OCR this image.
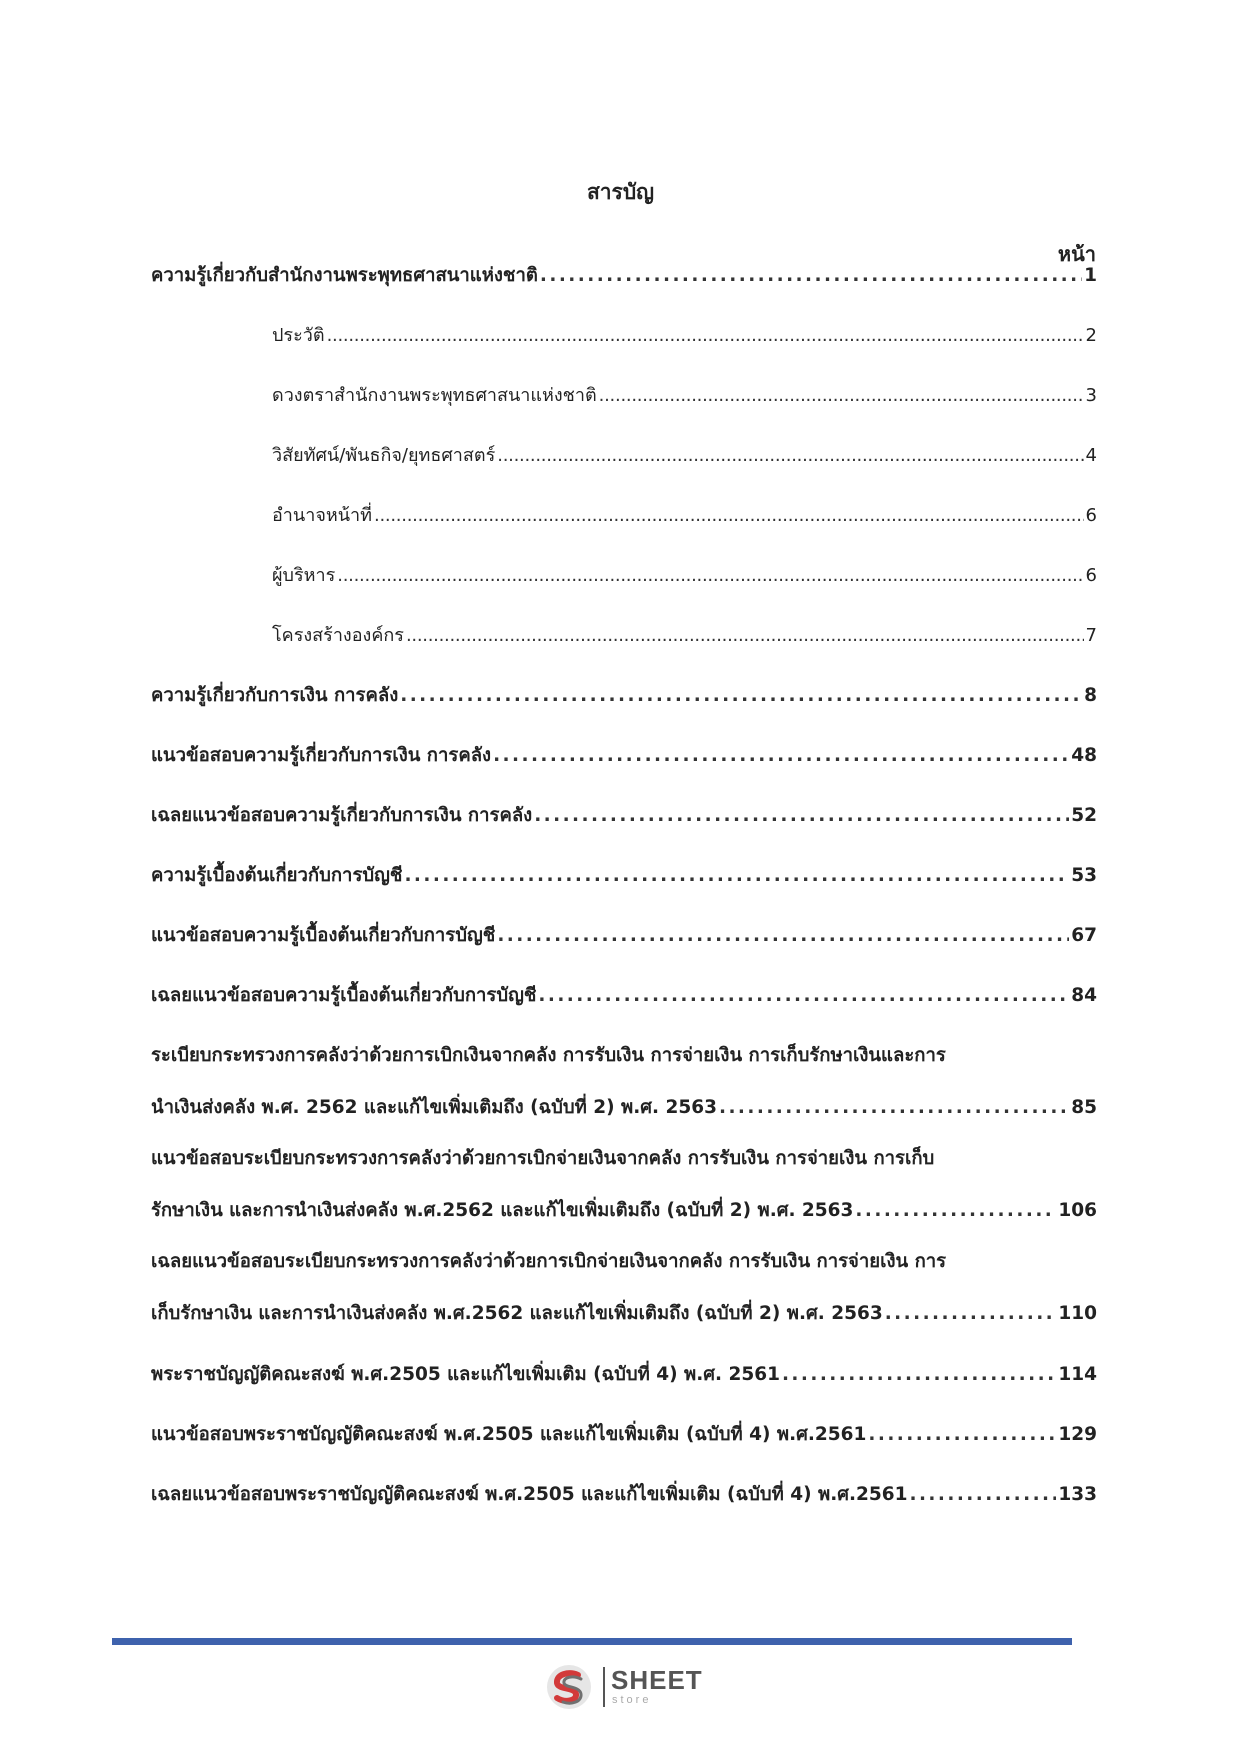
สารบัญ
หน้า
ความรู้เกี่ยวกับสำนักงานพระพุทธศาสนาแห่งชาติ . . .	1
ประวัติ . . .	2
ดวงตราสำนักงานพระพุทธศาสนาแห่งชาติ . . .	3
วิสัยทัศน์/พันธกิจ/ยุทธศาสตร์ . . .	4
อำนาจหน้าที่ . . .	6
ผู้บริหาร . . .	6
โครงสร้างองค์กร . . .	7
ความรู้เกี่ยวกับการเงิน การคลัง . . .	8
แนวข้อสอบความรู้เกี่ยวกับการเงิน การคลัง . . .	48
เฉลยแนวข้อสอบความรู้เกี่ยวกับการเงิน การคลัง . . .	52
ความรู้เบื้องต้นเกี่ยวกับการบัญชี . . .	53
แนวข้อสอบความรู้เบื้องต้นเกี่ยวกับการบัญชี . . .	67
เฉลยแนวข้อสอบความรู้เบื้องต้นเกี่ยวกับการบัญชี . . .	84
ระเบียบกระทรวงการคลังว่าด้วยการเบิกเงินจากคลัง การรับเงิน การจ่ายเงิน การเก็บรักษาเงินและการ
นำเงินส่งคลัง พ.ศ. 2562 และแก้ไขเพิ่มเติมถึง (ฉบับที่ 2) พ.ศ. 2563 . . .	85
แนวข้อสอบระเบียบกระทรวงการคลังว่าด้วยการเบิกจ่ายเงินจากคลัง การรับเงิน การจ่ายเงิน การเก็บ
รักษาเงิน และการนำเงินส่งคลัง พ.ศ.2562 และแก้ไขเพิ่มเติมถึง (ฉบับที่ 2) พ.ศ. 2563 . . .	106
เฉลยแนวข้อสอบระเบียบกระทรวงการคลังว่าด้วยการเบิกจ่ายเงินจากคลัง การรับเงิน การจ่ายเงิน การ
เก็บรักษาเงิน และการนำเงินส่งคลัง พ.ศ.2562 และแก้ไขเพิ่มเติมถึง (ฉบับที่ 2) พ.ศ. 2563 . . .	110
พระราชบัญญัติคณะสงฆ์ พ.ศ.2505 และแก้ไขเพิ่มเติม (ฉบับที่ 4) พ.ศ. 2561 . . .	114
แนวข้อสอบพระราชบัญญัติคณะสงฆ์ พ.ศ.2505 และแก้ไขเพิ่มเติม (ฉบับที่ 4) พ.ศ.2561 . . .	129
เฉลยแนวข้อสอบพระราชบัญญัติคณะสงฆ์ พ.ศ.2505 และแก้ไขเพิ่มเติม (ฉบับที่ 4) พ.ศ.2561 . . .	133
SHEET
store
